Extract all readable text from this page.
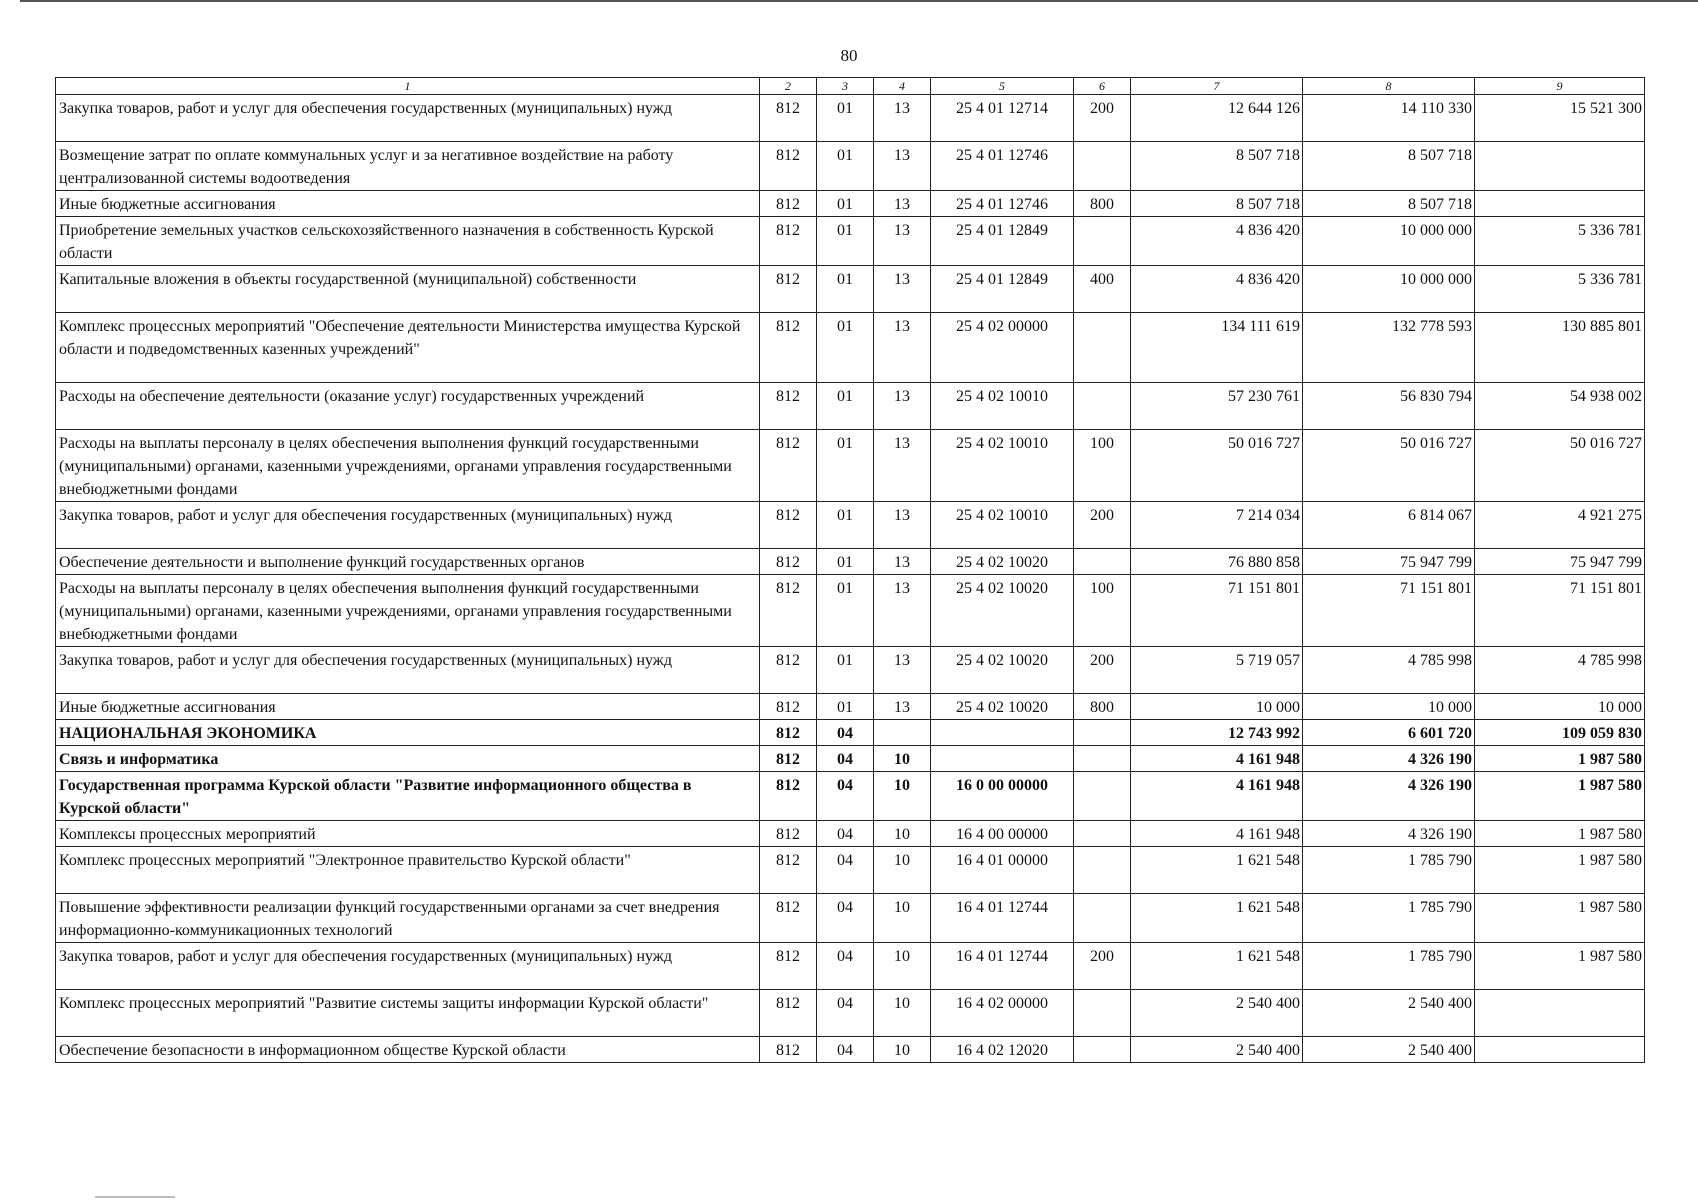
80
1	2	3	4	5	6	7	8	9
Закупка товаров, работ и услуг для обеспечения государственных (муниципальных) нужд	812	01	13	25 4 01 12714	200	12 644 126	14 110 330	15 521 300
Возмещение затрат по оплате коммунальных услуг и за негативное воздействие на работу централизованной системы водоотведения	812	01	13	25 4 01 12746		8 507 718	8 507 718	
Иные бюджетные ассигнования	812	01	13	25 4 01 12746	800	8 507 718	8 507 718	
Приобретение земельных участков сельскохозяйственного назначения в собственность Курской области	812	01	13	25 4 01 12849		4 836 420	10 000 000	5 336 781
Капитальные вложения в объекты государственной (муниципальной) собственности	812	01	13	25 4 01 12849	400	4 836 420	10 000 000	5 336 781
Комплекс процессных мероприятий "Обеспечение деятельности Министерства имущества Курской области и подведомственных казенных учреждений"	812	01	13	25 4 02 00000		134 111 619	132 778 593	130 885 801
Расходы на обеспечение деятельности (оказание услуг) государственных учреждений	812	01	13	25 4 02 10010		57 230 761	56 830 794	54 938 002
Расходы на выплаты персоналу в целях обеспечения выполнения функций государственными (муниципальными) органами, казенными учреждениями, органами управления государственными внебюджетными фондами	812	01	13	25 4 02 10010	100	50 016 727	50 016 727	50 016 727
Закупка товаров, работ и услуг для обеспечения государственных (муниципальных) нужд	812	01	13	25 4 02 10010	200	7 214 034	6 814 067	4 921 275
Обеспечение деятельности и выполнение функций государственных органов	812	01	13	25 4 02 10020		76 880 858	75 947 799	75 947 799
Расходы на выплаты персоналу в целях обеспечения выполнения функций государственными (муниципальными) органами, казенными учреждениями, органами управления государственными внебюджетными фондами	812	01	13	25 4 02 10020	100	71 151 801	71 151 801	71 151 801
Закупка товаров, работ и услуг для обеспечения государственных (муниципальных) нужд	812	01	13	25 4 02 10020	200	5 719 057	4 785 998	4 785 998
Иные бюджетные ассигнования	812	01	13	25 4 02 10020	800	10 000	10 000	10 000
НАЦИОНАЛЬНАЯ ЭКОНОМИКА	812	04				12 743 992	6 601 720	109 059 830
Связь и информатика	812	04	10			4 161 948	4 326 190	1 987 580
Государственная программа Курской области "Развитие информационного общества в Курской области"	812	04	10	16 0 00 00000		4 161 948	4 326 190	1 987 580
Комплексы процессных мероприятий	812	04	10	16 4 00 00000		4 161 948	4 326 190	1 987 580
Комплекс процессных мероприятий "Электронное правительство Курской области"	812	04	10	16 4 01 00000		1 621 548	1 785 790	1 987 580
Повышение эффективности реализации функций государственными органами за счет внедрения информационно-коммуникационных технологий	812	04	10	16 4 01 12744		1 621 548	1 785 790	1 987 580
Закупка товаров, работ и услуг для обеспечения государственных (муниципальных) нужд	812	04	10	16 4 01 12744	200	1 621 548	1 785 790	1 987 580
Комплекс процессных мероприятий "Развитие системы защиты информации Курской области"	812	04	10	16 4 02 00000		2 540 400	2 540 400	
Обеспечение безопасности в информационном обществе Курской области	812	04	10	16 4 02 12020		2 540 400	2 540 400	
